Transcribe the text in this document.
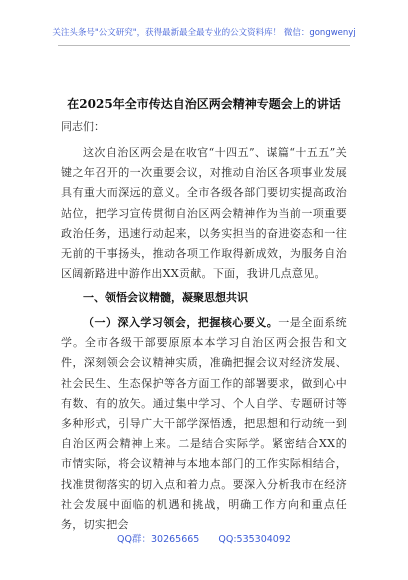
关注头条号"公文研究"，获得最新最全最专业的公文资料库！ 微信：gongwenyj
在2025年全市传达自治区两会精神专题会上的讲话
同志们：
这次自治区两会是在收官“十四五”、谋篇“十五五”关键之年召开的一次重要会议，对推动自治区各项事业发展具有重大而深远的意义。全市各级各部门要切实提高政治站位，把学习宣传贯彻自治区两会精神作为当前一项重要政治任务，迅速行动起来，以务实担当的奋进姿态和一往无前的干事扬头，推动各项工作取得新成效，为服务自治区阔新路进中游作出XX贡献。下面，我讲几点意见。
一、领悟会议精髓，凝聚思想共识
（一）深入学习领会，把握核心要义。一是全面系统学。全市各级干部要原原本本学习自治区两会报告和文件，深刻领会会议精神实质，准确把握会议对经济发展、社会民生、生态保护等各方面工作的部署要求，做到心中有数、有的放矢。通过集中学习、个人自学、专题研讨等多种形式，引导广大干部学深悟透，把思想和行动统一到自治区两会精神上来。二是结合实际学。紧密结合XX的市情实际，将会议精神与本地本部门的工作实际相结合，找准贯彻落实的切入点和着力点。要深入分析我市在经济社会发展中面临的机遇和挑战，明确工作方向和重点任务，切实把会
QQ群：30265665 QQ:535304092
